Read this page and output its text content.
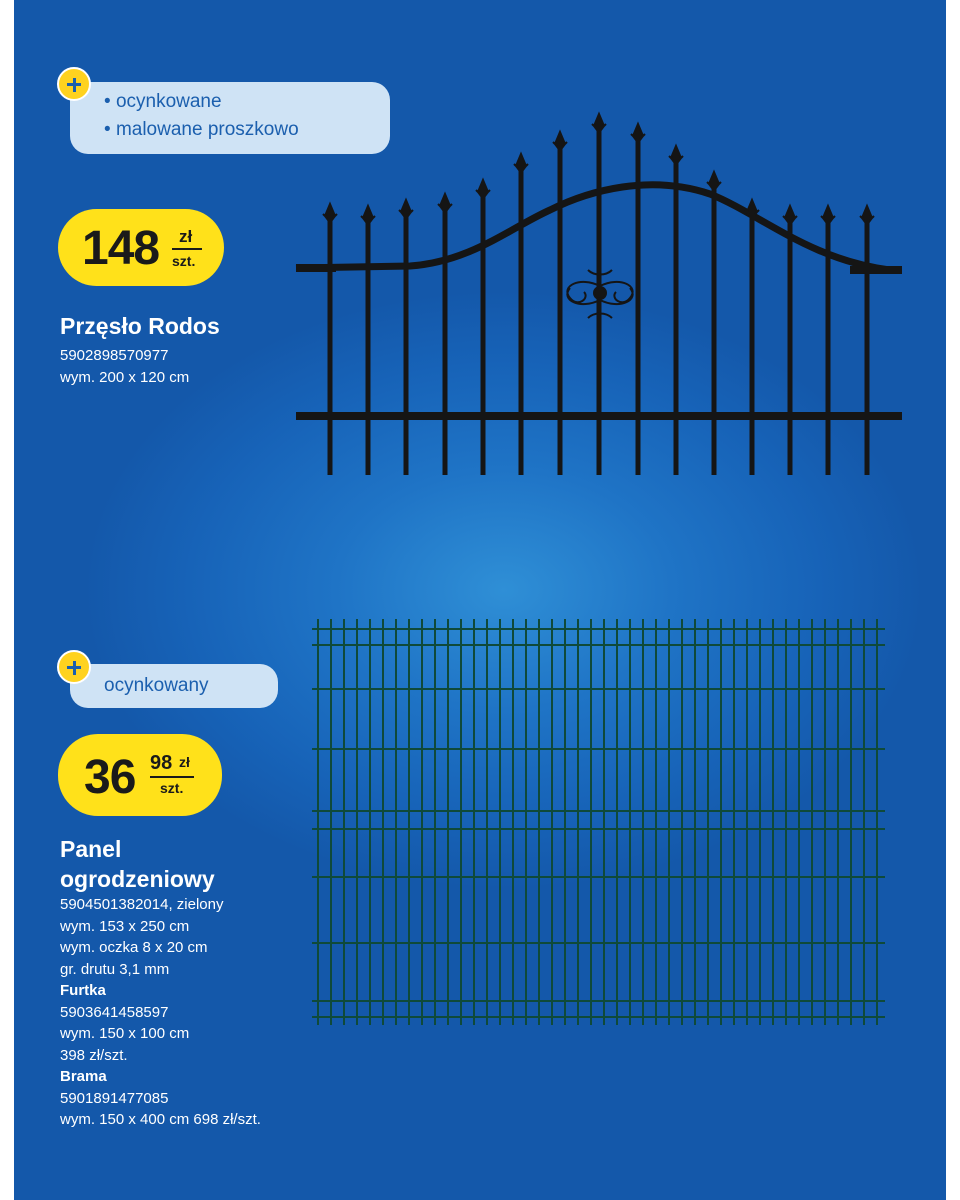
• ocynkowane
• malowane proszkowo
148 zł
szt.
Przęsło Rodos
5902898570977
wym. 200 x 120 cm
ocynkowany
36 98 zł
szt.
Panel
ogrodzeniowy
5904501382014, zielony
wym. 153 x 250 cm
wym. oczka 8 x 20 cm
gr. drutu 3,1 mm
Furtka
5903641458597
wym. 150 x 100 cm
398 zł/szt.
Brama
5901891477085
wym. 150 x 400 cm 698 zł/szt.
